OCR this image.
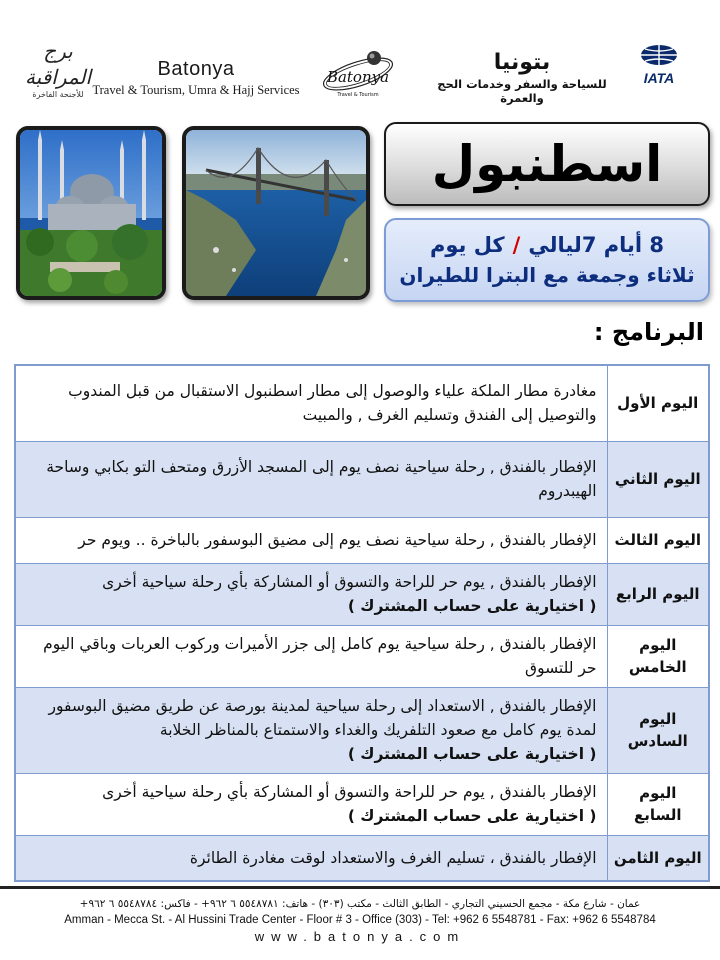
برج المراقبة
للأجنحة الفاخرة
Batonya
Travel & Tourism, Umra & Hajj Services
Batonya
Travel & Tourism
بتونيا
للسياحة والسفر وخدمات الحج والعمرة
IATA
اسطنبول
8 أيام 7ليالي/كل يوم
ثلاثاء وجمعة مع البترا للطيران
البرنامج :
اليوم الأول	مغادرة مطار الملكة علياء والوصول إلى مطار اسطنبول الاستقبال من قبل المندوب والتوصيل إلى الفندق وتسليم الغرف , والمبيت
اليوم الثاني	الإفطار بالفندق , رحلة سياحية نصف يوم إلى المسجد الأزرق ومتحف التو بكابي وساحة الهيبدروم
اليوم الثالث	الإفطار بالفندق , رحلة سياحية نصف يوم إلى مضيق البوسفور بالباخرة .. ويوم حر
اليوم الرابع	الإفطار بالفندق , يوم حر للراحة والتسوق أو المشاركة بأي رحلة سياحية أخرى
( اختيارية على حساب المشترك )

اليوم الخامس	الإفطار بالفندق , رحلة سياحية يوم كامل إلى جزر الأميرات وركوب العربات وباقي اليوم حر للتسوق
اليوم السادس	الإفطار بالفندق , الاستعداد إلى رحلة سياحية لمدينة بورصة عن طريق مضيق البوسفور لمدة يوم كامل مع صعود التلفريك والغداء والاستمتاع بالمناظر الخلابة
( اختيارية على حساب المشترك )

اليوم السابع	الإفطار بالفندق , يوم حر للراحة والتسوق أو المشاركة بأي رحلة سياحية أخرى
( اختيارية على حساب المشترك )

اليوم الثامن	الإفطار بالفندق ، تسليم الغرف والاستعداد لوقت مغادرة الطائرة
عمان - شارع مكة - مجمع الحسيني التجاري - الطابق الثالث - مكتب (٣٠٣) - هاتف: ٥٥٤٨٧٨١ ٦ ٩٦٢+ - فاكس: ٥٥٤٨٧٨٤ ٦ ٩٦٢+
Amman - Mecca St. - Al Hussini Trade Center - Floor # 3 - Office (303) - Tel: +962 6 5548781 - Fax: +962 6 5548784
www.batonya.com
